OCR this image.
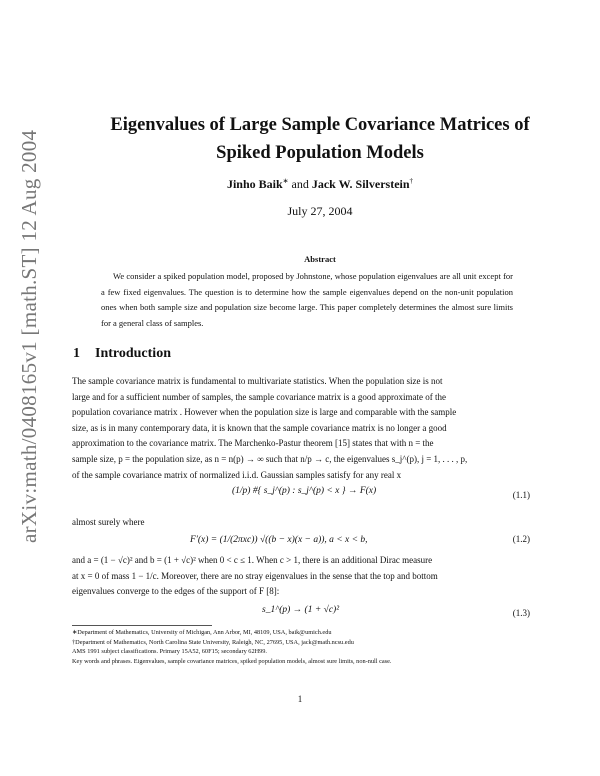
arXiv:math/0408165v1 [math.ST] 12 Aug 2004
Eigenvalues of Large Sample Covariance Matrices of
Spiked Population Models
Jinho Baik∗ and Jack W. Silverstein†
July 27, 2004
Abstract

We consider a spiked population model, proposed by Johnstone, whose population eigenvalues are all unit except for a few fixed eigenvalues. The question is to determine how the sample eigenvalues depend on the non-unit population ones when both sample size and population size become large. This paper completely determines the almost sure limits for a general class of samples.

1 Introduction
The sample covariance matrix is fundamental to multivariate statistics. When the population size is not
large and for a sufficient number of samples, the sample covariance matrix is a good approximate of the
population covariance matrix . However when the population size is large and comparable with the sample
size, as is in many contemporary data, it is known that the sample covariance matrix is no longer a good
approximation to the covariance matrix. The Marchenko-Pastur theorem [15] states that with n = the
sample size, p = the population size, as n = n(p) → ∞ such that n/p → c, the eigenvalues s_j^(p), j = 1, . . . , p,
of the sample covariance matrix of normalized i.i.d. Gaussian samples satisfy for any real x
(1/p) #{ s_j^(p) : s_j^(p) < x } → F(x)	(1.1)
almost surely where
F′(x) = (1/(2πxc)) √((b − x)(x − a)), a < x < b,	(1.2)
and a = (1 − √c)² and b = (1 + √c)² when 0 < c ≤ 1. When c > 1, there is an additional Dirac measure
at x = 0 of mass 1 − 1/c. Moreover, there are no stray eigenvalues in the sense that the top and bottom
eigenvalues converge to the edges of the support of F [8]:
s_1^(p) → (1 + √c)²	(1.3)
∗Department of Mathematics, University of Michigan, Ann Arbor, MI, 48109, USA, baik@umich.edu
†Department of Mathematics, North Carolina State University, Raleigh, NC, 27695, USA, jack@math.ncsu.edu
AMS 1991 subject classifications. Primary 15A52, 60F15; secondary 62H99.
Key words and phrases. Eigenvalues, sample covariance matrices, spiked population models, almost sure limits, non-null case.
1
